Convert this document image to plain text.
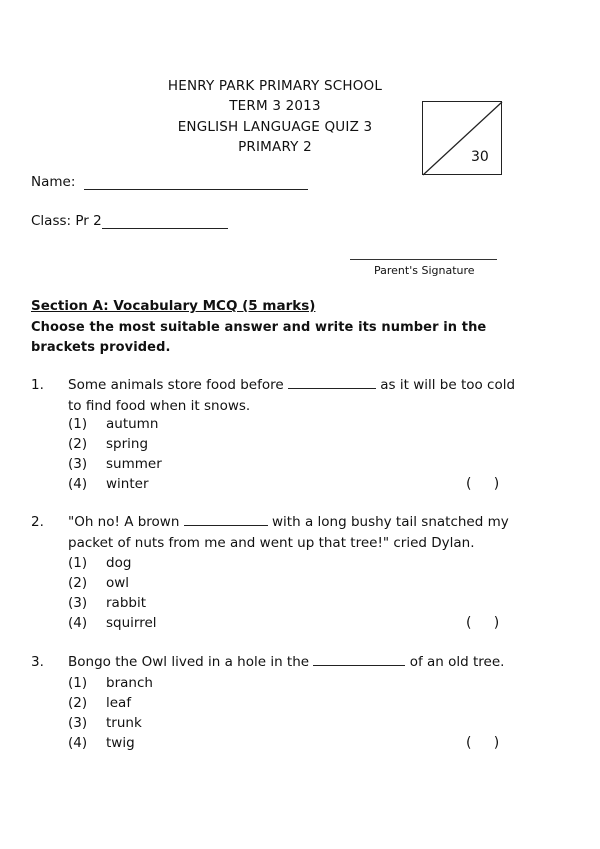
HENRY PARK PRIMARY SCHOOL
TERM 3 2013
ENGLISH LANGUAGE QUIZ 3
PRIMARY 2
30
Name:
Class: Pr 2
Parent's Signature
Section A: Vocabulary MCQ (5 marks)
Choose the most suitable answer and write its number in the brackets provided.
1. Some animals store food before	as it will be too cold
to find food when it snows.
(1) autumn
(2) spring
(3) summer
(4) winter	(     )
2. "Oh no! A brown	with a long bushy tail snatched my
packet of nuts from me and went up that tree!" cried Dylan.
(1) dog
(2) owl
(3) rabbit
(4) squirrel	(     )
3. Bongo the Owl lived in a hole in the	of an old tree.
(1) branch
(2) leaf
(3) trunk
(4) twig	(     )
